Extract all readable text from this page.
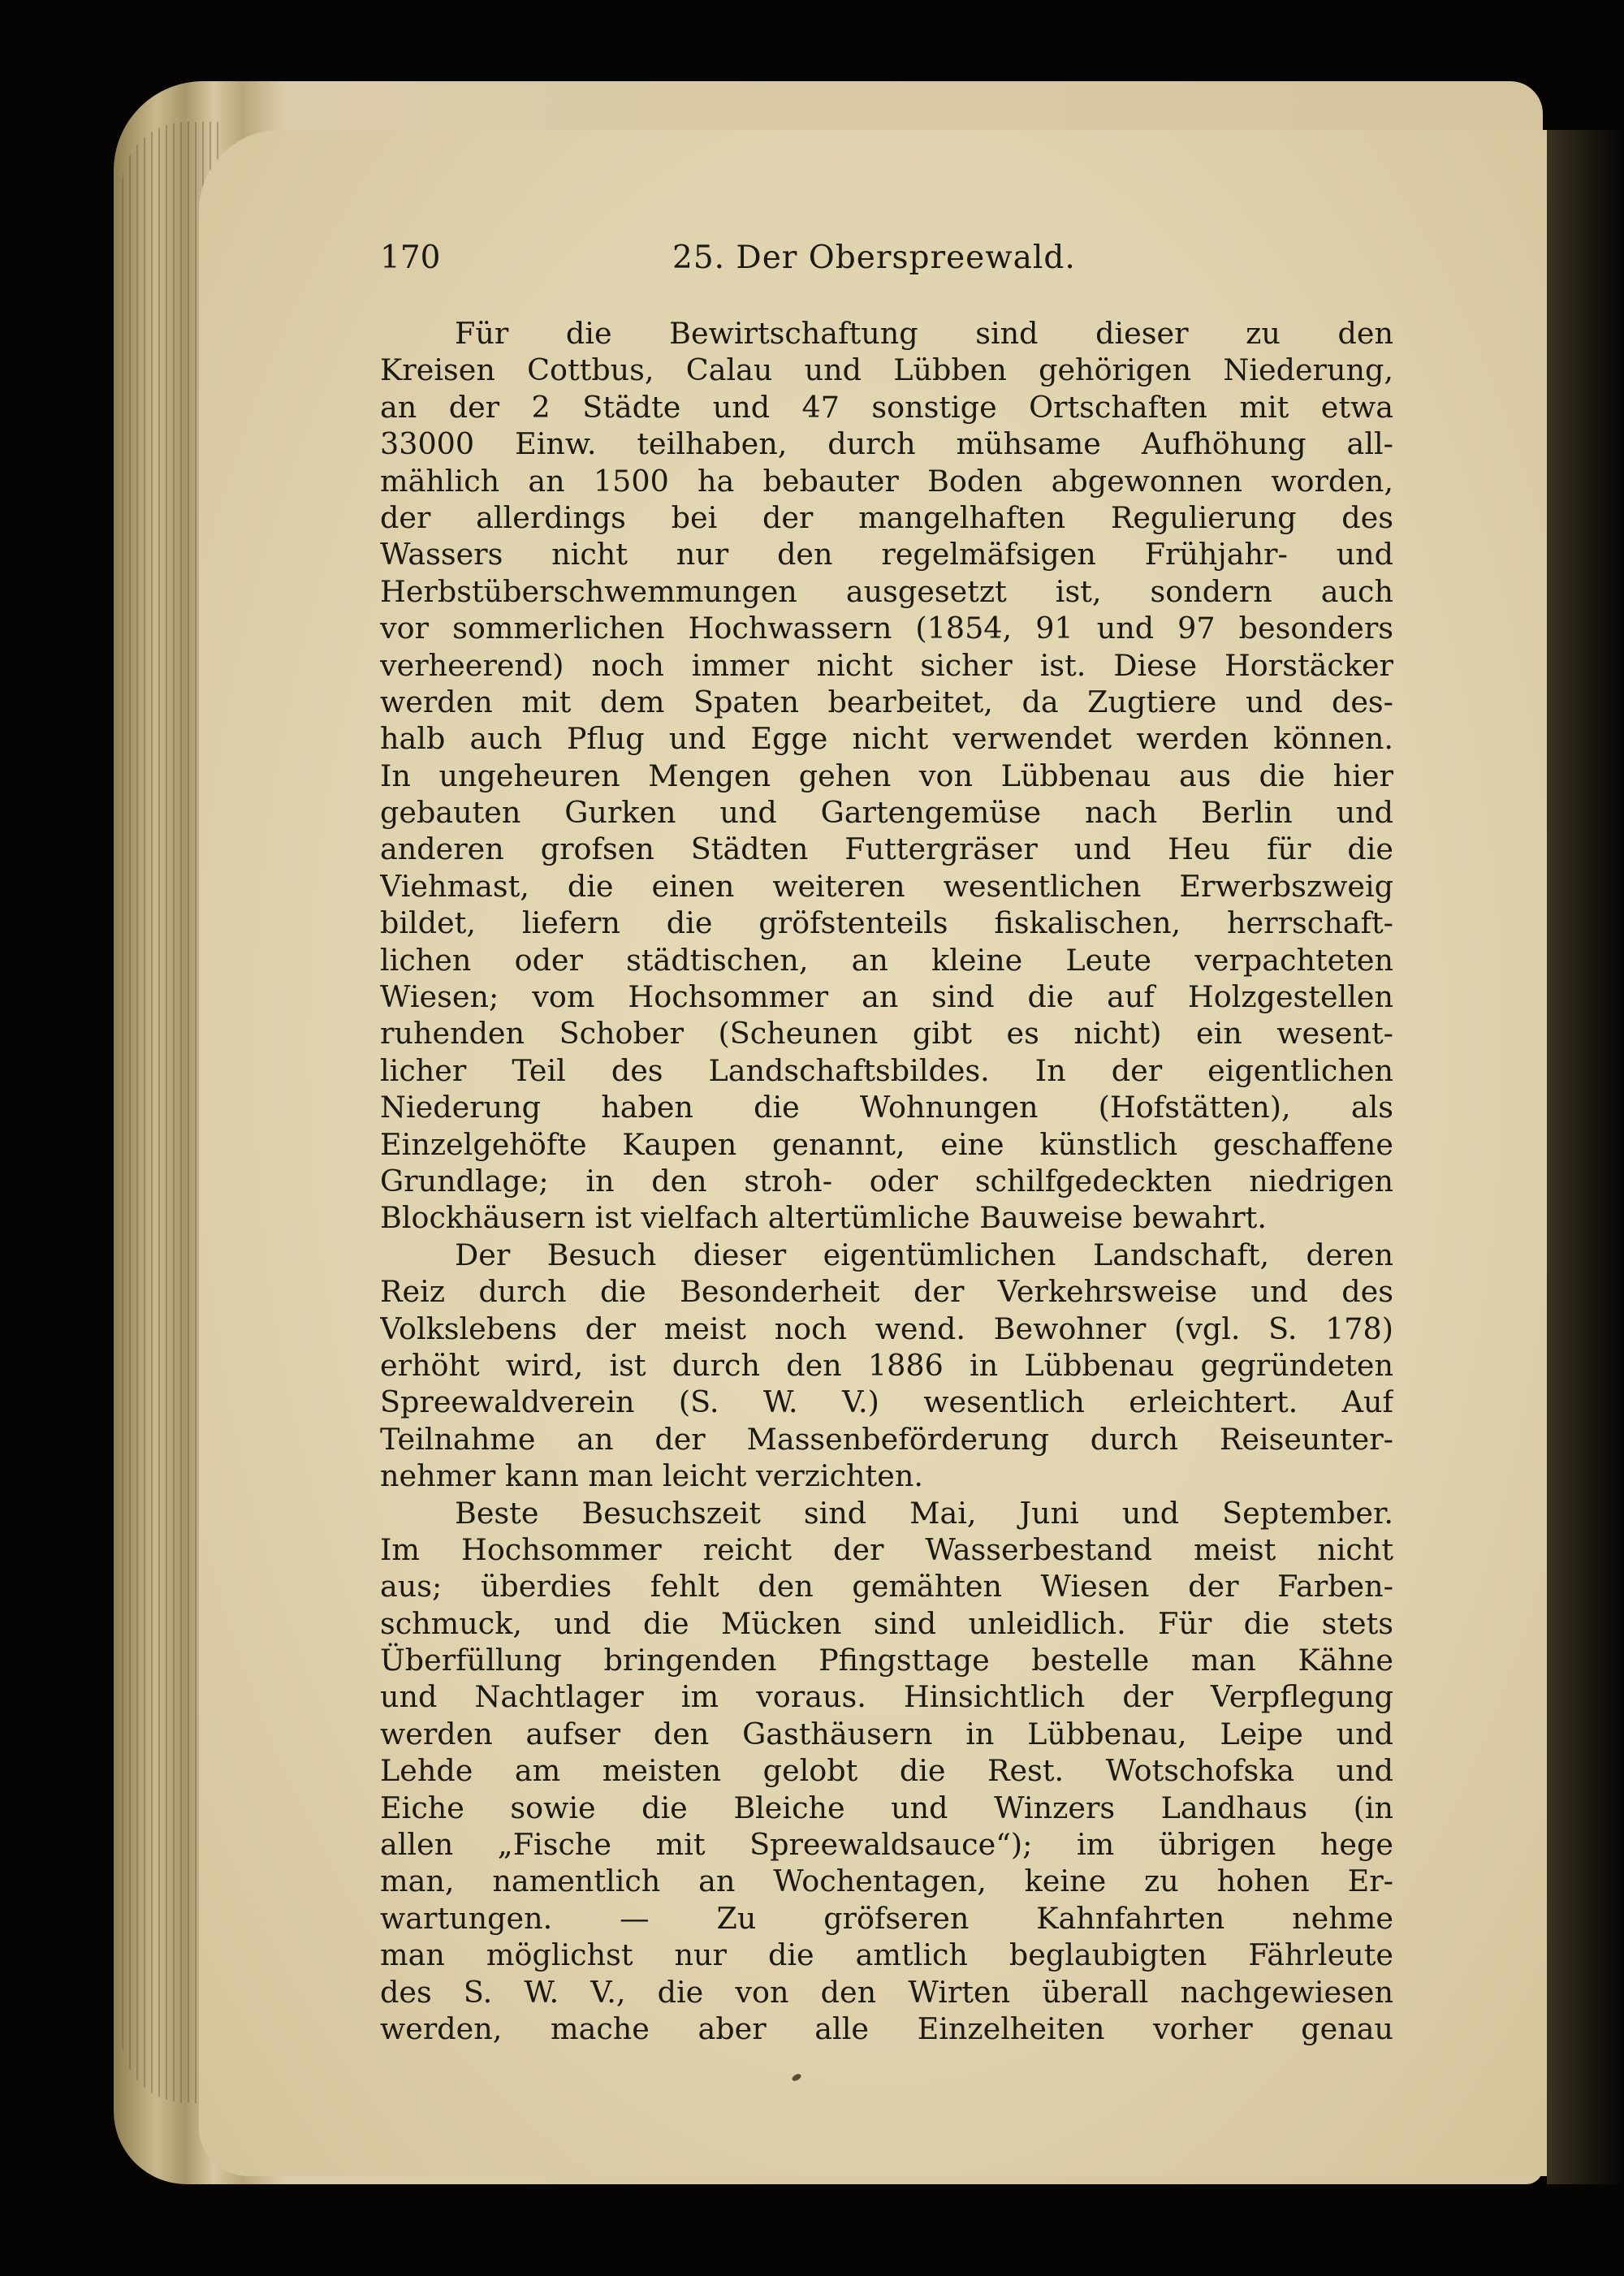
170	25. Der Oberspreewald.
Für die Bewirtschaftung sind dieser zu den
Kreisen Cottbus, Calau und Lübben gehörigen Niederung,
an der 2 Städte und 47 sonstige Ortschaften mit etwa
33000 Einw. teilhaben, durch mühsame Aufhöhung all-
mählich an 1500 ha bebauter Boden abgewonnen worden,
der allerdings bei der mangelhaften Regulierung des
Wassers nicht nur den regelmäfsigen Frühjahr- und
Herbstüberschwemmungen ausgesetzt ist, sondern auch
vor sommerlichen Hochwassern (1854, 91 und 97 besonders
verheerend) noch immer nicht sicher ist. Diese Horstäcker
werden mit dem Spaten bearbeitet, da Zugtiere und des-
halb auch Pflug und Egge nicht verwendet werden können.
In ungeheuren Mengen gehen von Lübbenau aus die hier
gebauten Gurken und Gartengemüse nach Berlin und
anderen grofsen Städten Futtergräser und Heu für die
Viehmast, die einen weiteren wesentlichen Erwerbszweig
bildet, liefern die gröfstenteils fiskalischen, herrschaft-
lichen oder städtischen, an kleine Leute verpachteten
Wiesen; vom Hochsommer an sind die auf Holzgestellen
ruhenden Schober (Scheunen gibt es nicht) ein wesent-
licher Teil des Landschaftsbildes. In der eigentlichen
Niederung haben die Wohnungen (Hofstätten), als
Einzelgehöfte Kaupen genannt, eine künstlich geschaffene
Grundlage; in den stroh- oder schilfgedeckten niedrigen
Blockhäusern ist vielfach altertümliche Bauweise bewahrt.
Der Besuch dieser eigentümlichen Landschaft, deren
Reiz durch die Besonderheit der Verkehrsweise und des
Volkslebens der meist noch wend. Bewohner (vgl. S. 178)
erhöht wird, ist durch den 1886 in Lübbenau gegründeten
Spreewaldverein (S. W. V.) wesentlich erleichtert. Auf
Teilnahme an der Massenbeförderung durch Reiseunter-
nehmer kann man leicht verzichten.
Beste Besuchszeit sind Mai, Juni und September.
Im Hochsommer reicht der Wasserbestand meist nicht
aus; überdies fehlt den gemähten Wiesen der Farben-
schmuck, und die Mücken sind unleidlich. Für die stets
Überfüllung bringenden Pfingsttage bestelle man Kähne
und Nachtlager im voraus. Hinsichtlich der Verpflegung
werden aufser den Gasthäusern in Lübbenau, Leipe und
Lehde am meisten gelobt die Rest. Wotschofska und
Eiche sowie die Bleiche und Winzers Landhaus (in
allen „Fische mit Spreewaldsauce“); im übrigen hege
man, namentlich an Wochentagen, keine zu hohen Er-
wartungen. — Zu gröfseren Kahnfahrten nehme
man möglichst nur die amtlich beglaubigten Fährleute
des S. W. V., die von den Wirten überall nachgewiesen
werden, mache aber alle Einzelheiten vorher genau
